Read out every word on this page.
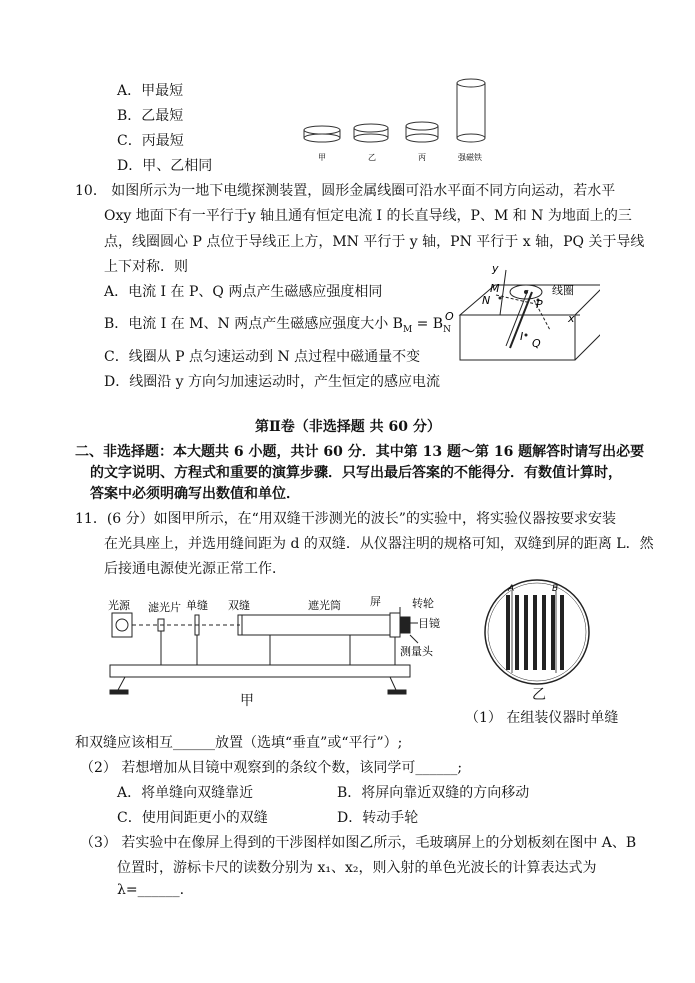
A．甲最短
B．乙最短
C．丙最短
D．甲、乙相同
甲	乙	丙	强磁铁
10． 如图所示为一地下电缆探测装置，圆形金属线圈可沿水平面不同方向运动，若水平
Oxy 地面下有一平行于y 轴且通有恒定电流 I 的长直导线，P、M 和 N 为地面上的三
点，线圈圆心 P 点位于导线正上方，MN 平行于 y 轴，PN 平行于 x 轴，PQ 关于导线
上下对称．则
A．电流 I 在 P、Q 两点产生磁感应强度相同
B．电流 I 在 M、N 两点产生磁感应强度大小 $B_M = B_N$
C．线圈从 P 点匀速运动到 N 点过程中磁通量不变
D．线圈沿 y 方向匀加速运动时，产生恒定的感应电流
y
x
O
M
N	P
I
Q
线圈
第Ⅱ卷（非选择题 共 60 分）
二、非选择题：本大题共 6 小题，共计 60 分．其中第 13 题～第 16 题解答时请写出必要
的文字说明、方程式和重要的演算步骤．只写出最后答案的不能得分．有数值计算时，
答案中必须明确写出数值和单位．
11．(6 分）如图甲所示，在“用双缝干涉测光的波长”的实验中，将实验仪器按要求安装
在光具座上，并选用缝间距为 d 的双缝．从仪器注明的规格可知，双缝到屏的距离 L．然
后接通电源使光源正常工作．
光源 滤光片 单缝 双缝	遮光筒	屏	转轮
目镜
测量头
甲
A	B
乙
（1） 在组装仪器时单缝
和双缝应该相互______放置（选填“垂直”或“平行”）;
（2） 若想增加从目镜中观察到的条纹个数，该同学可______;
A．将单缝向双缝靠近	B．将屏向靠近双缝的方向移动
C．使用间距更小的双缝	D．转动手轮
（3） 若实验中在像屏上得到的干涉图样如图乙所示，毛玻璃屏上的分划板刻在图中 A、B
位置时，游标卡尺的读数分别为 x₁、x₂，则入射的单色光波长的计算表达式为
λ=______.
